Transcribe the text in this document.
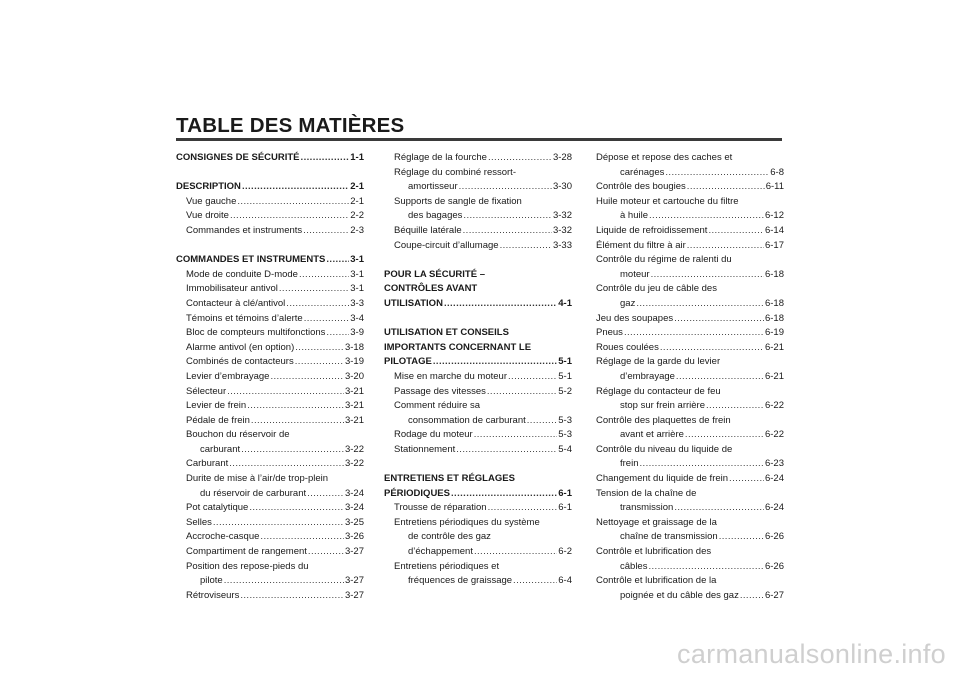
TABLE DES MATIÈRES
CONSIGNES DE SÉCURITÉ .....	1-1
DESCRIPTION .....	2-1
Vue gauche .....	2-1
Vue droite .....	2-2
Commandes et instruments .....	2-3
COMMANDES ET INSTRUMENTS .....	3-1
Mode de conduite D-mode .....	3-1
Immobilisateur antivol .....	3-1
Contacteur à clé/antivol .....	3-3
Témoins et témoins d’alerte .....	3-4
Bloc de compteurs multifonctions .....	3-9
Alarme antivol (en option) .....	3-18
Combinés de contacteurs .....	3-19
Levier d’embrayage .....	3-20
Sélecteur .....	3-21
Levier de frein .....	3-21
Pédale de frein .....	3-21
Bouchon du réservoir de
carburant .....	3-22
Carburant .....	3-22
Durite de mise à l’air/de trop-plein
du réservoir de carburant .....	3-24
Pot catalytique .....	3-24
Selles .....	3-25
Accroche-casque .....	3-26
Compartiment de rangement .....	3-27
Position des repose-pieds du
pilote .....	3-27
Rétroviseurs .....	3-27
Réglage de la fourche .....	3-28
Réglage du combiné ressort-
amortisseur .....	3-30
Supports de sangle de fixation
des bagages .....	3-32
Béquille latérale .....	3-32
Coupe-circuit d’allumage .....	3-33
POUR LA SÉCURITÉ –
CONTRÔLES AVANT
UTILISATION .....	4-1
UTILISATION ET CONSEILS
IMPORTANTS CONCERNANT LE
PILOTAGE .....	5-1
Mise en marche du moteur .....	5-1
Passage des vitesses .....	5-2
Comment réduire sa
consommation de carburant .....	5-3
Rodage du moteur .....	5-3
Stationnement .....	5-4
ENTRETIENS ET RÉGLAGES
PÉRIODIQUES .....	6-1
Trousse de réparation .....	6-1
Entretiens périodiques du système
de contrôle des gaz
d’échappement .....	6-2
Entretiens périodiques et
fréquences de graissage .....	6-4
Dépose et repose des caches et
carénages .....	6-8
Contrôle des bougies .....	6-11
Huile moteur et cartouche du filtre
à huile .....	6-12
Liquide de refroidissement .....	6-14
Élément du filtre à air .....	6-17
Contrôle du régime de ralenti du
moteur .....	6-18
Contrôle du jeu de câble des
gaz .....	6-18
Jeu des soupapes .....	6-18
Pneus .....	6-19
Roues coulées .....	6-21
Réglage de la garde du levier
d’embrayage .....	6-21
Réglage du contacteur de feu
stop sur frein arrière .....	6-22
Contrôle des plaquettes de frein
avant et arrière .....	6-22
Contrôle du niveau du liquide de
frein .....	6-23
Changement du liquide de frein .....	6-24
Tension de la chaîne de
transmission .....	6-24
Nettoyage et graissage de la
chaîne de transmission .....	6-26
Contrôle et lubrification des
câbles .....	6-26
Contrôle et lubrification de la
poignée et du câble des gaz .....	6-27
carmanualsonline.info
